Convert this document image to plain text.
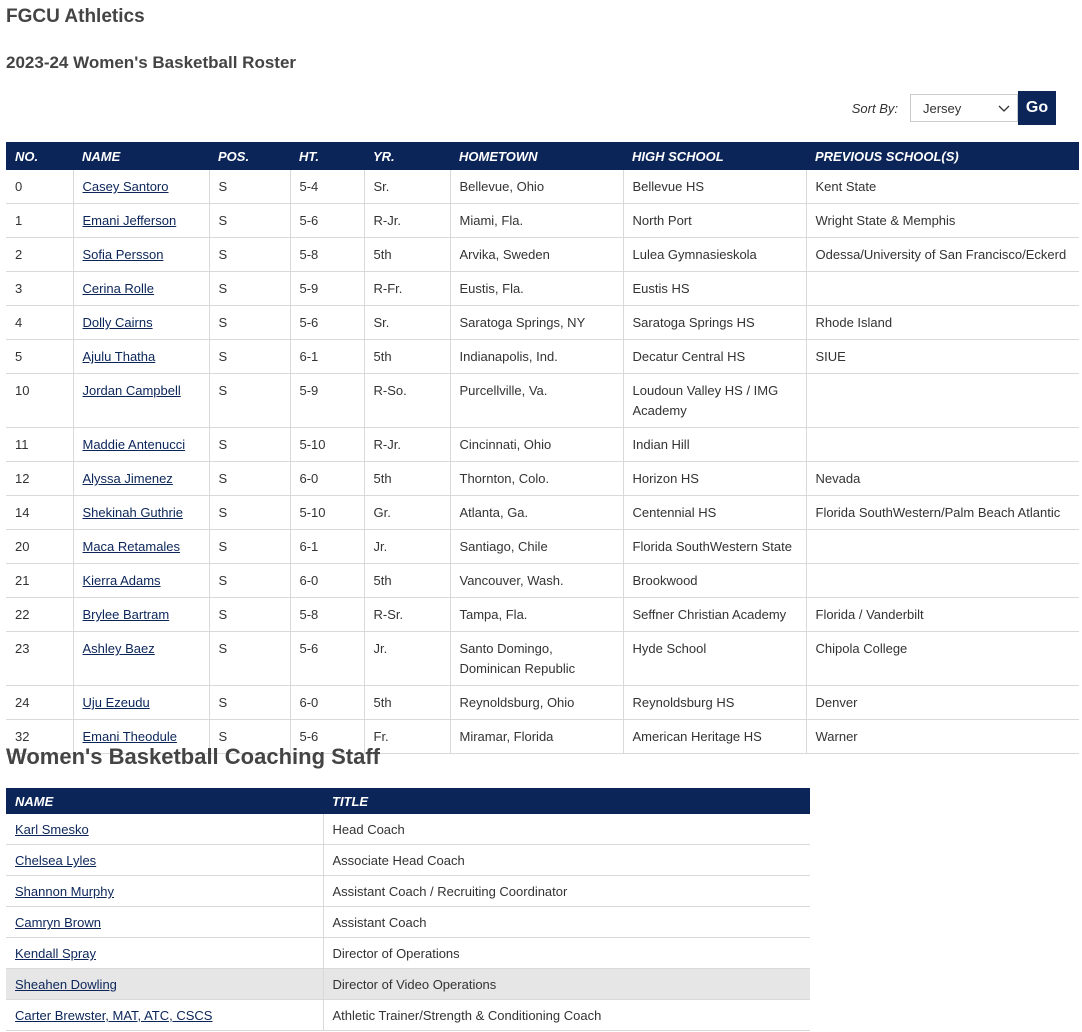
FGCU Athletics
2023-24 Women's Basketball Roster
Sort By: Jersey	Go
NO.	NAME	POS.	HT.	YR.	HOMETOWN	HIGH SCHOOL	PREVIOUS SCHOOL(S)
0	Casey Santoro	S	5-4	Sr.	Bellevue, Ohio	Bellevue HS	Kent State
1	Emani Jefferson	S	5-6	R-Jr.	Miami, Fla.	North Port	Wright State & Memphis
2	Sofia Persson	S	5-8	5th	Arvika, Sweden	Lulea Gymnasieskola	Odessa/University of San Francisco/Eckerd
3	Cerina Rolle	S	5-9	R-Fr.	Eustis, Fla.	Eustis HS	
4	Dolly Cairns	S	5-6	Sr.	Saratoga Springs, NY	Saratoga Springs HS	Rhode Island
5	Ajulu Thatha	S	6-1	5th	Indianapolis, Ind.	Decatur Central HS	SIUE
10	Jordan Campbell	S	5-9	R-So.	Purcellville, Va.	Loudoun Valley HS / IMG Academy	
11	Maddie Antenucci	S	5-10	R-Jr.	Cincinnati, Ohio	Indian Hill	
12	Alyssa Jimenez	S	6-0	5th	Thornton, Colo.	Horizon HS	Nevada
14	Shekinah Guthrie	S	5-10	Gr.	Atlanta, Ga.	Centennial HS	Florida SouthWestern/Palm Beach Atlantic
20	Maca Retamales	S	6-1	Jr.	Santiago, Chile	Florida SouthWestern State	
21	Kierra Adams	S	6-0	5th	Vancouver, Wash.	Brookwood	
22	Brylee Bartram	S	5-8	R-Sr.	Tampa, Fla.	Seffner Christian Academy	Florida / Vanderbilt
23	Ashley Baez	S	5-6	Jr.	Santo Domingo, Dominican Republic	Hyde School	Chipola College
24	Uju Ezeudu	S	6-0	5th	Reynoldsburg, Ohio	Reynoldsburg HS	Denver
32	Emani Theodule	S	5-6	Fr.	Miramar, Florida	American Heritage HS	Warner
Women's Basketball Coaching Staff
NAME	TITLE
Karl Smesko	Head Coach
Chelsea Lyles	Associate Head Coach
Shannon Murphy	Assistant Coach / Recruiting Coordinator
Camryn Brown	Assistant Coach
Kendall Spray	Director of Operations
Sheahen Dowling	Director of Video Operations
Carter Brewster, MAT, ATC, CSCS	Athletic Trainer/Strength & Conditioning Coach
